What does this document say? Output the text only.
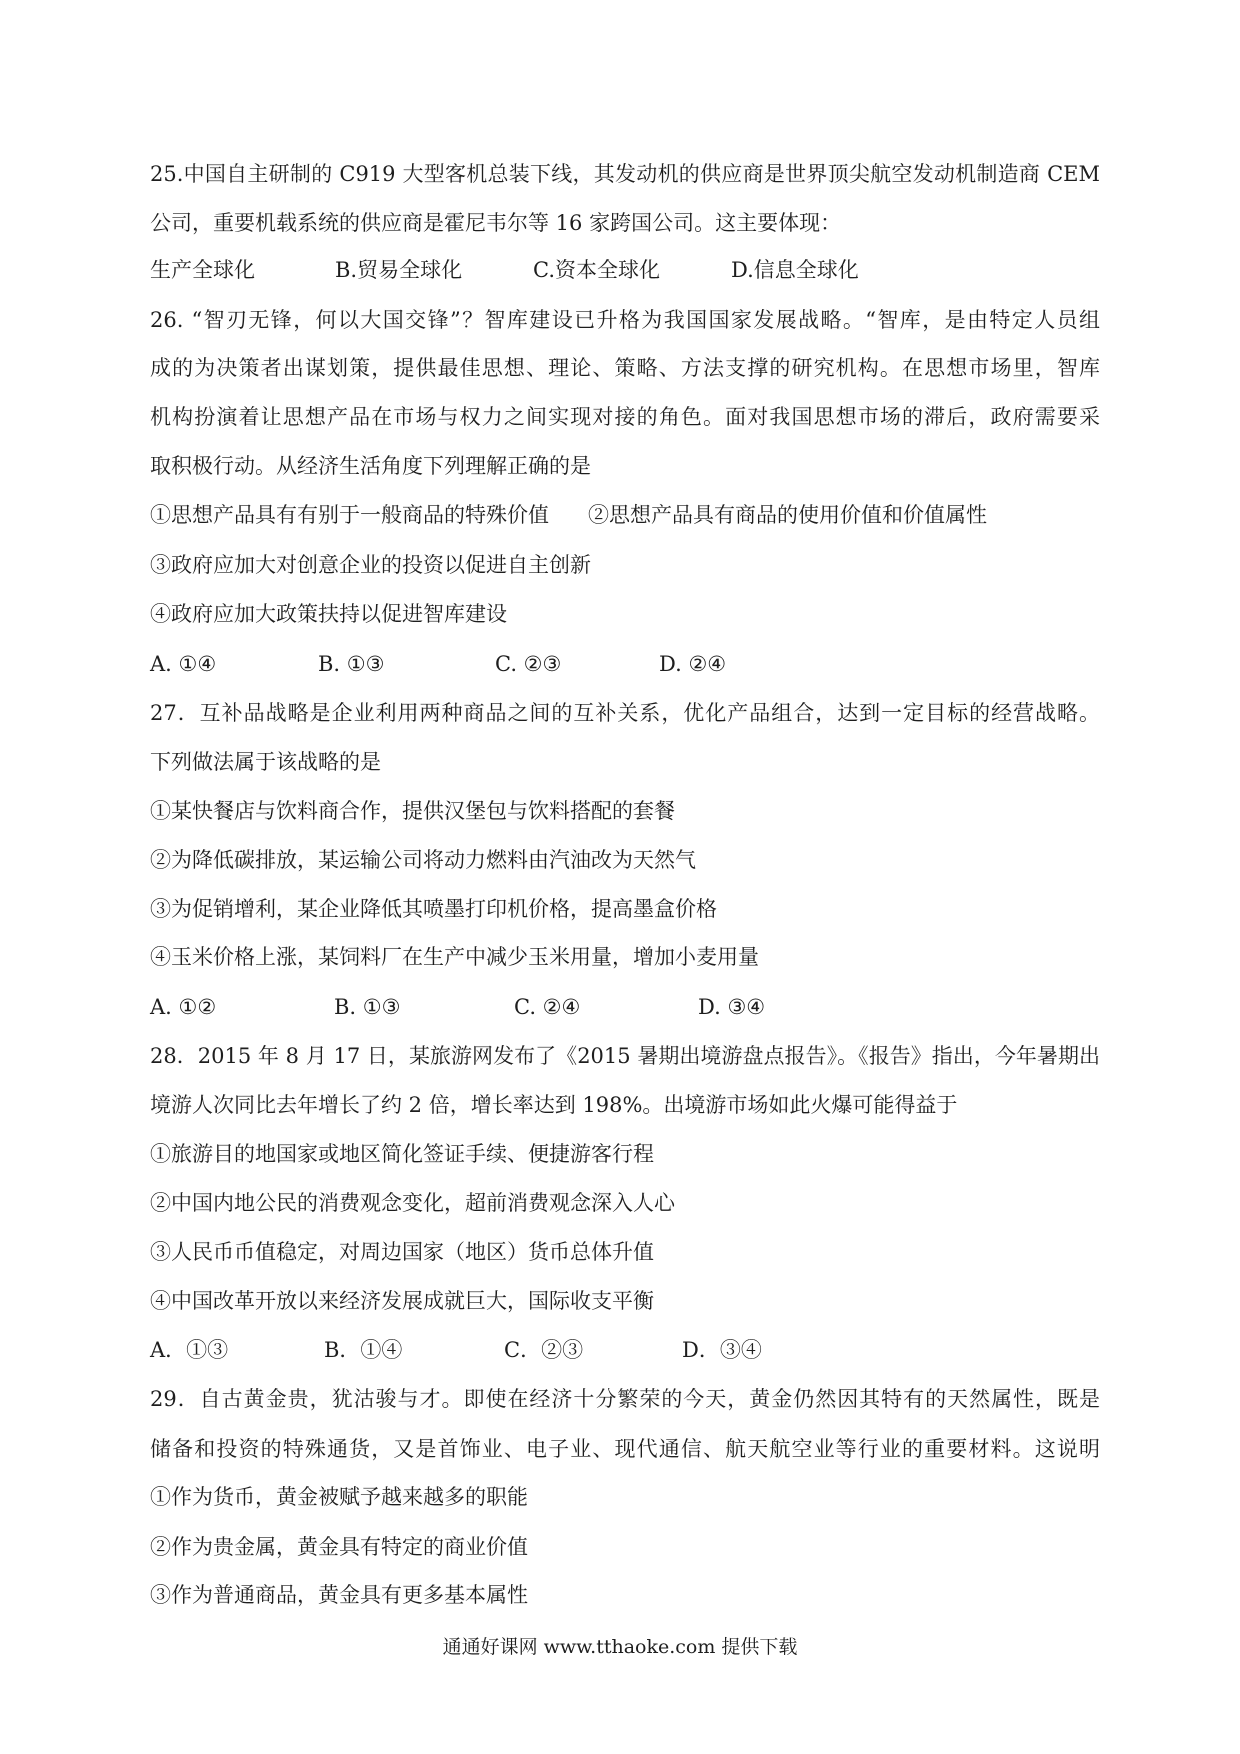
25.中国自主研制的 C919 大型客机总装下线，其发动机的供应商是世界顶尖航空发动机制造商 CEM
公司，重要机载系统的供应商是霍尼韦尔等 16 家跨国公司。这主要体现：
生产全球化	B.贸易全球化	C.资本全球化	D.信息全球化
26. “智刃无锋，何以大国交锋”？智库建设已升格为我国国家发展战略。“智库，是由特定人员组
成的为决策者出谋划策，提供最佳思想、理论、策略、方法支撑的研究机构。在思想市场里，智库
机构扮演着让思想产品在市场与权力之间实现对接的角色。面对我国思想市场的滞后，政府需要采
取积极行动。从经济生活角度下列理解正确的是
①思想产品具有有别于一般商品的特殊价值 ②思想产品具有商品的使用价值和价值属性
③政府应加大对创意企业的投资以促进自主创新
④政府应加大政策扶持以促进智库建设
A. ①④	B. ①③	C. ②③	D. ②④
27．互补品战略是企业利用两种商品之间的互补关系，优化产品组合，达到一定目标的经营战略。
下列做法属于该战略的是
①某快餐店与饮料商合作，提供汉堡包与饮料搭配的套餐
②为降低碳排放，某运输公司将动力燃料由汽油改为天然气
③为促销增利，某企业降低其喷墨打印机价格，提高墨盒价格
④玉米价格上涨，某饲料厂在生产中减少玉米用量，增加小麦用量
A. ①②	B. ①③	C. ②④	D. ③④
28．2015 年 8 月 17 日，某旅游网发布了《2015 暑期出境游盘点报告》。《报告》指出，今年暑期出
境游人次同比去年增长了约 2 倍，增长率达到 198%。出境游市场如此火爆可能得益于
①旅游目的地国家或地区简化签证手续、便捷游客行程
②中国内地公民的消费观念变化，超前消费观念深入人心
③人民币币值稳定，对周边国家（地区）货币总体升值
④中国改革开放以来经济发展成就巨大，国际收支平衡
A．①③	B．①④	C．②③	D．③④
29．自古黄金贵，犹沽骏与才。即使在经济十分繁荣的今天，黄金仍然因其特有的天然属性，既是
储备和投资的特殊通货，又是首饰业、电子业、现代通信、航天航空业等行业的重要材料。这说明
①作为货币，黄金被赋予越来越多的职能
②作为贵金属，黄金具有特定的商业价值
③作为普通商品，黄金具有更多基本属性
通通好课网 www.tthaoke.com 提供下载
